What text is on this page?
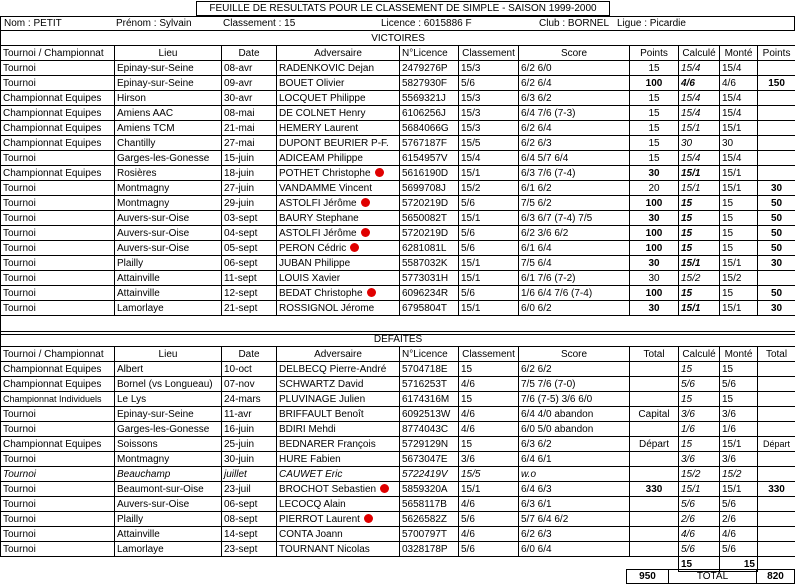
FEUILLE DE RESULTATS POUR LE CLASSEMENT DE SIMPLE - SAISON 1999-2000
Nom : PETIT	Prénom : Sylvain	Classement : 15	Licence : 6015886 F	Club : BORNEL Ligue : Picardie
VICTOIRES										
Tournoi / Championnat	Lieu	Date	Adversaire	N°Licence	Classement	Score	Points	Calculé	Monté	Points
Tournoi	Epinay-sur-Seine	08-avr	RADENKOVIC Dejan	2479276P	15/3	6/2 6/0	15	15/4	15/4	
Tournoi	Epinay-sur-Seine	09-avr	BOUET Olivier	5827930F	5/6	6/2 6/4	100	4/6	4/6	150
Championnat Equipes	Hirson	30-avr	LOCQUET Philippe	5569321J	15/3	6/3 6/2	15	15/4	15/4	
Championnat Equipes	Amiens AAC	08-mai	DE COLNET Henry	6106256J	15/3	6/4 7/6 (7-3)	15	15/4	15/4	
Championnat Equipes	Amiens TCM	21-mai	HEMERY Laurent	5684066G	15/3	6/2 6/4	15	15/1	15/1	
Championnat Equipes	Chantilly	27-mai	DUPONT BEURIER P-F.	5767187F	15/5	6/2 6/3	15	30	30	
Tournoi	Garges-les-Gonesse	15-juin	ADICEAM Philippe	6154957V	15/4	6/4 5/7 6/4	15	15/4	15/4	
Championnat Equipes	Rosières	18-juin	POTHET Christophe	5616190D	15/1	6/3 7/6 (7-4)	30	15/1	15/1	
Tournoi	Montmagny	27-juin	VANDAMME Vincent	5699708J	15/2	6/1 6/2	20	15/1	15/1	30
Tournoi	Montmagny	29-juin	ASTOLFI Jérôme	5720219D	5/6	7/5 6/2	100	15	15	50
Tournoi	Auvers-sur-Oise	03-sept	BAURY Stephane	5650082T	15/1	6/3 6/7 (7-4) 7/5	30	15	15	50
Tournoi	Auvers-sur-Oise	04-sept	ASTOLFI Jérôme	5720219D	5/6	6/2 3/6 6/2	100	15	15	50
Tournoi	Auvers-sur-Oise	05-sept	PERON Cédric	6281081L	5/6	6/1 6/4	100	15	15	50
Tournoi	Plailly	06-sept	JUBAN Philippe	5587032K	15/1	7/5 6/4	30	15/1	15/1	30
Tournoi	Attainville	11-sept	LOUIS Xavier	5773031H	15/1	6/1 7/6 (7-2)	30	15/2	15/2	
Tournoi	Attainville	12-sept	BEDAT Christophe	6096234R	5/6	1/6 6/4 7/6 (7-4)	100	15	15	50
Tournoi	Lamorlaye	21-sept	ROSSIGNOL Jérome	6795804T	15/1	6/0 6/2	30	15/1	15/1	30

DEFAITES										
Tournoi / Championnat	Lieu	Date	Adversaire	N°Licence	Classement	Score	Total	Calculé	Monté	Total
Championnat Equipes	Albert	10-oct	DELBECQ Pierre-André	5704718E	15	6/2 6/2		15	15	
Championnat Equipes	Bornel (vs Longueau)	07-nov	SCHWARTZ David	5716253T	4/6	7/5 7/6 (7-0)		5/6	5/6	
Championnat Individuels	Le Lys	24-mars	PLUVINAGE Julien	6174316M	15	7/6 (7-5) 3/6 6/0		15	15	
Tournoi	Epinay-sur-Seine	11-avr	BRIFFAULT Benoît	6092513W	4/6	6/4 4/0 abandon	Capital	3/6	3/6	
Tournoi	Garges-les-Gonesse	16-juin	BDIRI Mehdi	8774043C	4/6	6/0 5/0 abandon		1/6	1/6	
Championnat Equipes	Soissons	25-juin	BEDNARER François	5729129N	15	6/3 6/2	Départ	15	15/1	Départ
Tournoi	Montmagny	30-juin	HURE Fabien	5673047E	3/6	6/4 6/1		3/6	3/6	
Tournoi	Beauchamp	juillet	CAUWET Eric	5722419V	15/5	w.o		15/2	15/2	
Tournoi	Beaumont-sur-Oise	23-juil	BROCHOT Sebastien	5859320A	15/1	6/4 6/3	330	15/1	15/1	330
Tournoi	Auvers-sur-Oise	06-sept	LECOCQ Alain	5658117B	4/6	6/3 6/1		5/6	5/6	
Tournoi	Plailly	08-sept	PIERROT Laurent	5626582Z	5/6	5/7 6/4 6/2		2/6	2/6	
Tournoi	Attainville	14-sept	CONTA Joann	5700797T	4/6	6/2 6/3		4/6	4/6	
Tournoi	Lamorlaye	23-sept	TOURNANT Nicolas	0328178P	5/6	6/0 6/4		5/6	5/6	
								15	15	
950	TOTAL	820
